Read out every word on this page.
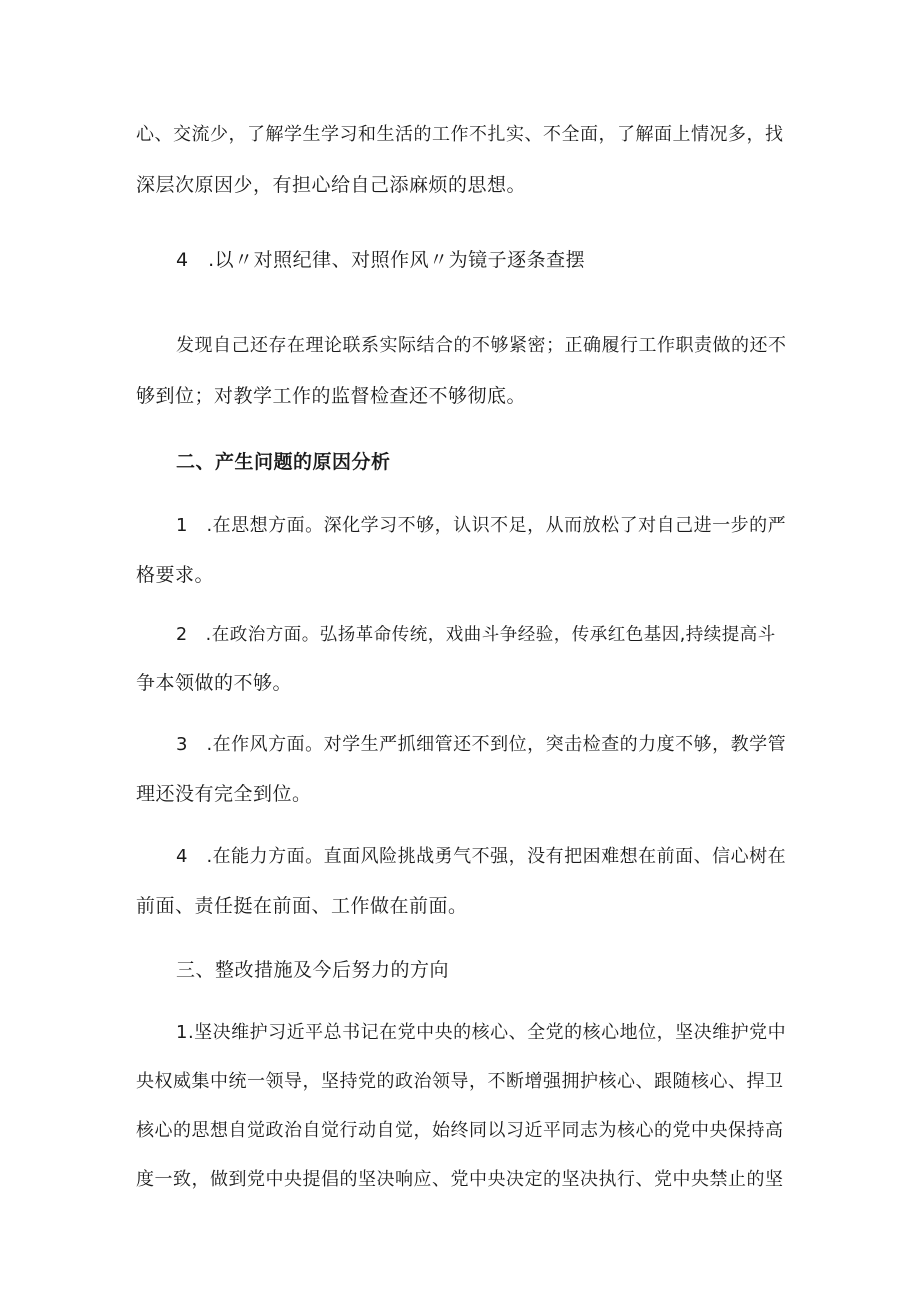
心、交流少，了解学生学习和生活的工作不扎实、不全面，了解面上情况多，找
深层次原因少，有担心给自己添麻烦的思想。
4　.以〃对照纪律、对照作风〃为镜子逐条查摆
发现自己还存在理论联系实际结合的不够紧密；正确履行工作职责做的还不
够到位；对教学工作的监督检查还不够彻底。
二、产生问题的原因分析
1　.在思想方面。深化学习不够，认识不足，从而放松了对自己进一步的严
格要求。
2　.在政治方面。弘扬革命传统，戏曲斗争经验，传承红色基因,持续提高斗
争本领做的不够。
3　.在作风方面。对学生严抓细管还不到位，突击检查的力度不够，教学管
理还没有完全到位。
4　.在能力方面。直面风险挑战勇气不强，没有把困难想在前面、信心树在
前面、责任挺在前面、工作做在前面。
三、整改措施及今后努力的方向
1.坚决维护习近平总书记在党中央的核心、全党的核心地位，坚决维护党中
央权威集中统一领导，坚持党的政治领导，不断增强拥护核心、跟随核心、捍卫
核心的思想自觉政治自觉行动自觉，始终同以习近平同志为核心的党中央保持高
度一致，做到党中央提倡的坚决响应、党中央决定的坚决执行、党中央禁止的坚
